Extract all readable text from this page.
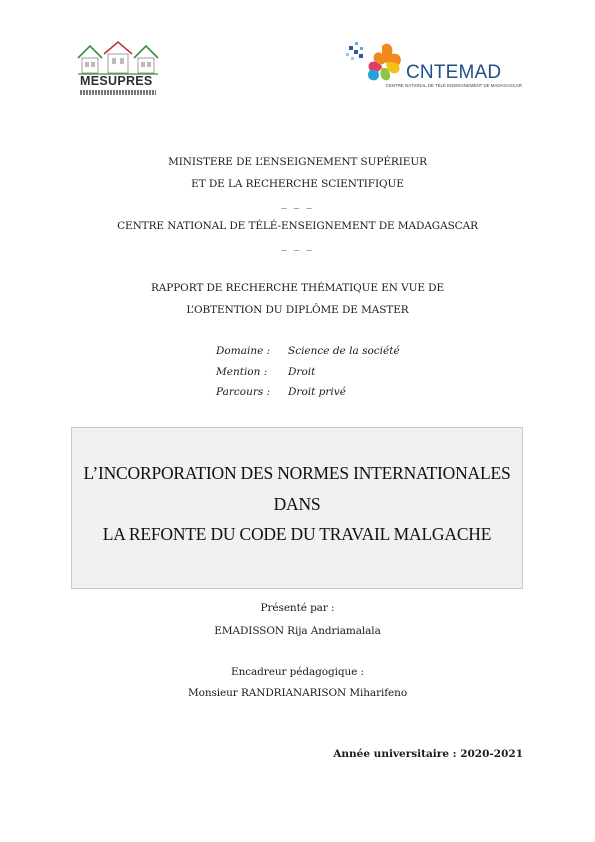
MESUPRES	CNTEMAD
CENTRE NATIONAL DE TÉLÉ ENSEIGNEMENT DE MADAGASCAR
MINISTERE DE L’ENSEIGNEMENT SUPÉRIEUR
ET DE LA RECHERCHE SCIENTIFIQUE
_ _ _
CENTRE NATIONAL DE TÉLÉ-ENSEIGNEMENT DE MADAGASCAR
_ _ _
RAPPORT DE RECHERCHE THÉMATIQUE EN VUE DE
L’OBTENTION DU DIPLÔME DE MASTER
Domaine : Science de la société
Mention : Droit
Parcours : Droit privé
L’INCORPORATION DES NORMES INTERNATIONALES
DANS
LA REFONTE DU CODE DU TRAVAIL MALGACHE
Présenté par :
EMADISSON Rija Andriamalala
Encadreur pédagogique :
Monsieur RANDRIANARISON Miharifeno
Année universitaire : 2020-2021
